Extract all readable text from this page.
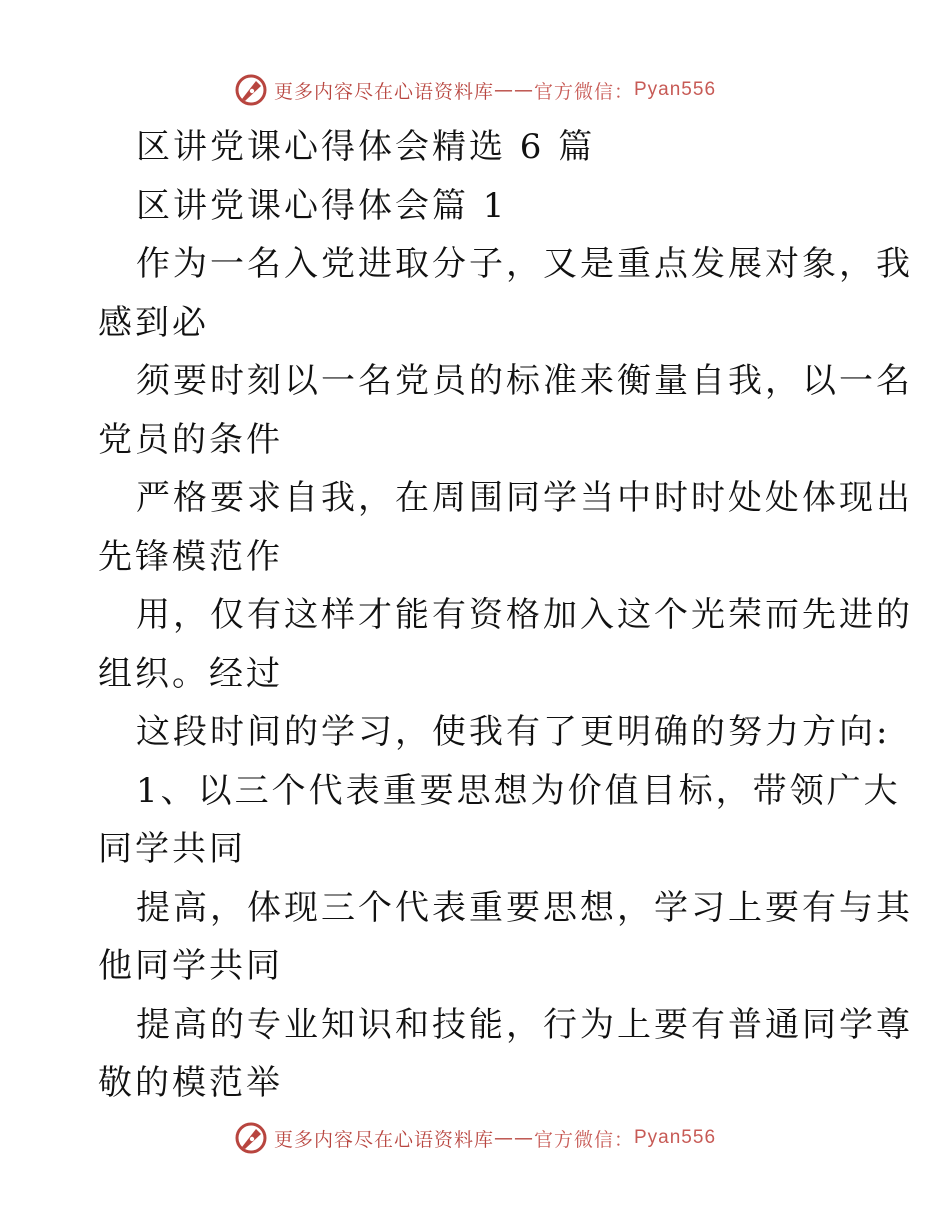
更多内容尽在心语资料库 —— 官方微信： Pyan556
区讲党课心得体会精选 6 篇
区讲党课心得体会篇 1
作为一名入党进取分子，又是重点发展对象，我
感到必
须要时刻以一名党员的标准来衡量自我，以一名
党员的条件
严格要求自我，在周围同学当中时时处处体现出
先锋模范作
用，仅有这样才能有资格加入这个光荣而先进的
组织。经过
这段时间的学习，使我有了更明确的努力方向:
1、以三个代表重要思想为价值目标，带领广大
同学共同
提高，体现三个代表重要思想，学习上要有与其
他同学共同
提高的专业知识和技能，行为上要有普通同学尊
敬的模范举
更多内容尽在心语资料库 —— 官方微信： Pyan556
